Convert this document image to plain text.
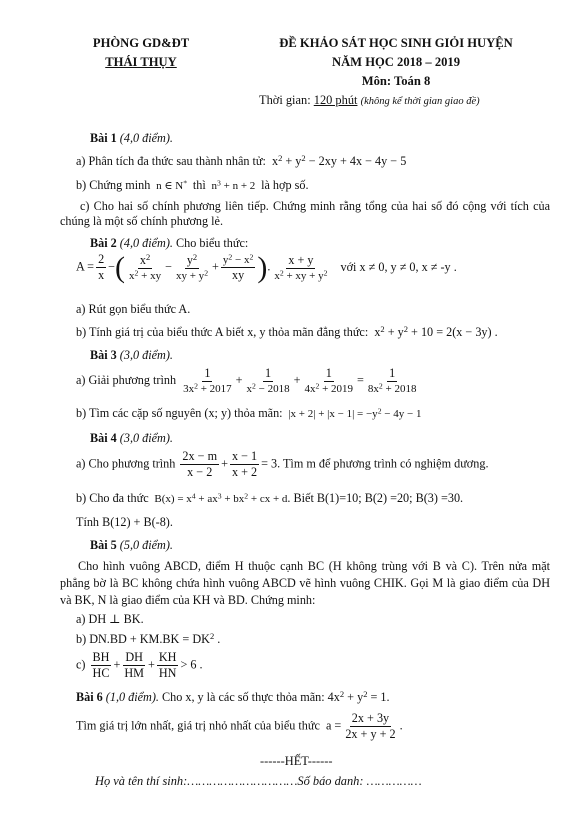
PHÒNG GD&ĐT
THÁI THỤY
ĐỀ KHẢO SÁT HỌC SINH GIỎI HUYỆN
NĂM HỌC 2018 – 2019
Môn: Toán 8
Thời gian: 120 phút (không kể thời gian giao đề)
Bài 1 (4,0 điểm).
a) Phân tích đa thức sau thành nhân tử:  $x^2 + y^2 - 2xy + 4x - 4y - 5$
b) Chứng minh  n ∈ N* thì  $n^3 + n + 2$  là hợp số.
c) Cho hai số chính phương liên tiếp. Chứng minh rằng tổng của hai số đó cộng với tích của chúng là một số chính phương lẻ.
Bài 2 (4,0 điểm). Cho biểu thức:
$A = \frac{2}{x}$ −( $\frac{x^2}{x^2 + xy} - \frac{y^2}{xy + y^2} + \frac{y^2 - x^2}{xy}$ ). $\frac{x + y}{x^2 + xy + y^2}$ với x ≠ 0, y ≠ 0, x ≠ -y .
a) Rút gọn biểu thức A.
b) Tính giá trị của biểu thức A biết x, y thỏa mãn đẳng thức:  $x^2 + y^2 + 10 = 2(x - 3y)$ .
Bài 3 (3,0 điểm).
a) Giải phương trình $\frac{1}{3x^2 + 2017} + \frac{1}{x^2 - 2018} + \frac{1}{4x^2 + 2019} = \frac{1}{8x^2 + 2018}$
b) Tìm các cặp số nguyên (x; y) thỏa mãn:  $|x + 2| + |x - 1| = -y^2 - 4y - 1$
Bài 4 (3,0 điểm).
a) Cho phương trình $\frac{2x - m}{x - 2} + \frac{x - 1}{x + 2} = 3$. Tìm m để phương trình có nghiệm dương.
b) Cho đa thức  $B(x) = x^4 + ax^3 + bx^2$ + cx + d. Biết B(1)=10; B(2) =20; B(3) =30.
Tính B(12) + B(-8).
Bài 5 (5,0 điểm).
Cho hình vuông ABCD, điểm H thuộc cạnh BC (H không trùng với B và C). Trên nửa mặt phẳng bờ là BC không chứa hình vuông ABCD vẽ hình vuông CHIK. Gọi M là giao điểm của DH và BK, N là giao điểm của KH và BD. Chứng minh:
a) DH ⊥ BK.
b) $DN.BD + KM.BK = DK^2$ .
$c) \frac{BH}{HC} + \frac{DH}{HM} + \frac{KH}{HN} > 6$ .
Bài 6 (1,0 điểm). Cho x, y là các số thực thỏa mãn: $4x^2 + y^2 = 1$.
Tìm giá trị lớn nhất, giá trị nhỏ nhất của biểu thức  $a = \frac{2x + 3y}{2x + y + 2}$ .
------HẾT------
Họ và tên thí sinh:…………………………Số báo danh: ……………
